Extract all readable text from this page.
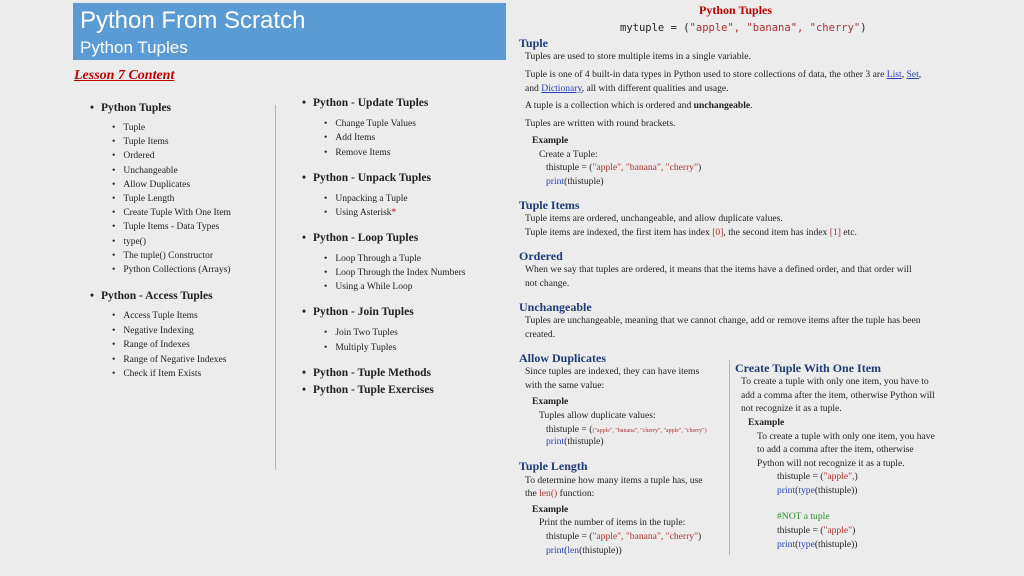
Python From Scratch
Python Tuples
Lesson 7 Content
• Python Tuples
• Tuple
• Tuple Items
• Ordered
• Unchangeable
• Allow Duplicates
• Tuple Length
• Create Tuple With One Item
• Tuple Items - Data Types
• type()
• The tuple() Constructor
• Python Collections (Arrays)
• Python - Access Tuples
• Access Tuple Items
• Negative Indexing
• Range of Indexes
• Range of Negative Indexes
• Check if Item Exists
• Python - Update Tuples
• Change Tuple Values
• Add Items
• Remove Items
• Python - Unpack Tuples
• Unpacking a Tuple
• Using Asterisk*
• Python - Loop Tuples
• Loop Through a Tuple
• Loop Through the Index Numbers
• Using a While Loop
• Python - Join Tuples
• Join Two Tuples
• Multiply Tuples
• Python - Tuple Methods
• Python - Tuple Exercises
Python Tuples
mytuple = ("apple", "banana", "cherry")
Tuple
Tuples are used to store multiple items in a single variable.
Tuple is one of 4 built-in data types in Python used to store collections of data, the other 3 are List, Set,
and Dictionary, all with different qualities and usage.
A tuple is a collection which is ordered and unchangeable.
Tuples are written with round brackets.
Example
Create a Tuple:
thistuple = ("apple", "banana", "cherry")
print(thistuple)
Tuple Items
Tuple items are ordered, unchangeable, and allow duplicate values.
Tuple items are indexed, the first item has index [0], the second item has index [1] etc.
Ordered
When we say that tuples are ordered, it means that the items have a defined order, and that order will
not change.
Unchangeable
Tuples are unchangeable, meaning that we cannot change, add or remove items after the tuple has been
created.
Allow Duplicates
Since tuples are indexed, they can have items
with the same value:
Example
Tuples allow duplicate values:
thistuple = (("apple", "banana", "cherry", "apple", "cherry")
print(thistuple)
Tuple Length
To determine how many items a tuple has, use
the len() function:
Example
Print the number of items in the tuple:
thistuple = ("apple", "banana", "cherry")
print(len(thistuple))
Create Tuple With One Item
To create a tuple with only one item, you have to
add a comma after the item, otherwise Python will
not recognize it as a tuple.
Example
To create a tuple with only one item, you have
to add a comma after the item, otherwise
Python will not recognize it as a tuple.
thistuple = ("apple",)
print(type(thistuple))
#NOT a tuple
thistuple = ("apple")
print(type(thistuple))
